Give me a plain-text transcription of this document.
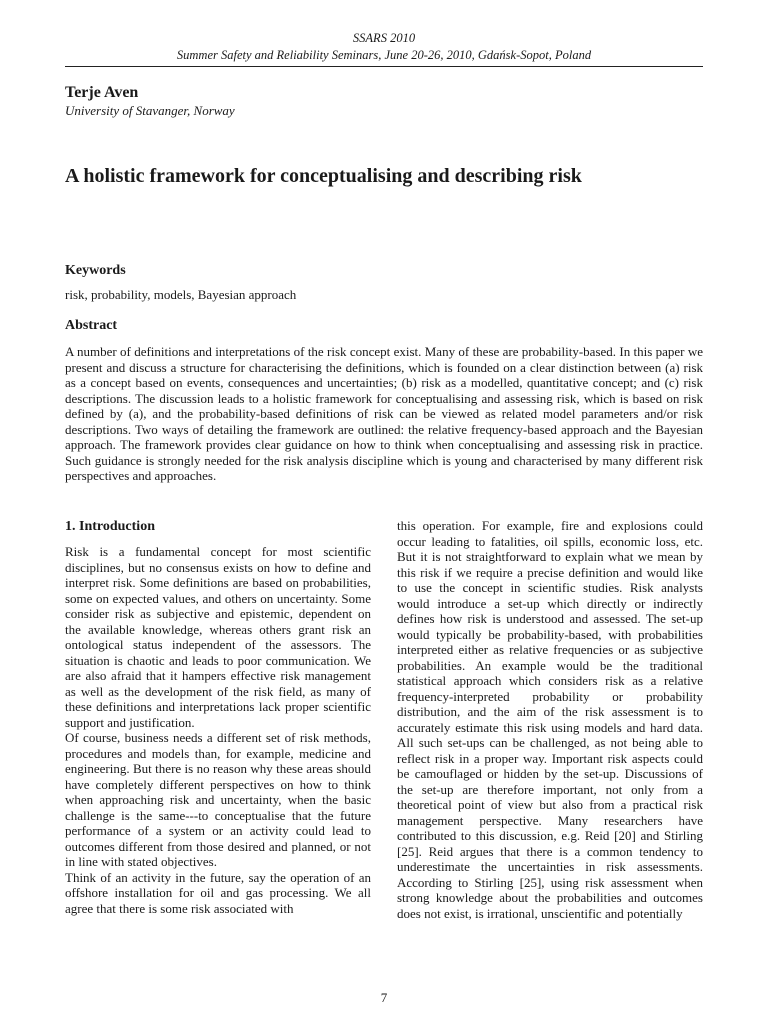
SSARS 2010
Summer Safety and Reliability Seminars, June 20-26, 2010, Gdańsk-Sopot, Poland
Terje Aven
University of Stavanger, Norway
A holistic framework for conceptualising and describing risk
Keywords
risk, probability, models, Bayesian approach
Abstract
A number of definitions and interpretations of the risk concept exist. Many of these are probability-based. In this paper we present and discuss a structure for characterising the definitions, which is founded on a clear distinction between (a) risk as a concept based on events, consequences and uncertainties; (b) risk as a modelled, quantitative concept; and (c) risk descriptions. The discussion leads to a holistic framework for conceptualising and assessing risk, which is based on risk defined by (a), and the probability-based definitions of risk can be viewed as related model parameters and/or risk descriptions. Two ways of detailing the framework are outlined: the relative frequency-based approach and the Bayesian approach. The framework provides clear guidance on how to think when conceptualising and assessing risk in practice. Such guidance is strongly needed for the risk analysis discipline which is young and characterised by many different risk perspectives and approaches.
1. Introduction

Risk is a fundamental concept for most scientific disciplines, but no consensus exists on how to define and interpret risk. Some definitions are based on probabilities, some on expected values, and others on uncertainty. Some consider risk as subjective and epistemic, dependent on the available knowledge, whereas others grant risk an ontological status independent of the assessors. The situation is chaotic and leads to poor communication. We are also afraid that it hampers effective risk management as well as the development of the risk field, as many of these definitions and interpretations lack proper scientific support and justification.

Of course, business needs a different set of risk methods, procedures and models than, for example, medicine and engineering. But there is no reason why these areas should have completely different perspectives on how to think when approaching risk and uncertainty, when the basic challenge is the same---to conceptualise that the future performance of a system or an activity could lead to outcomes different from those desired and planned, or not in line with stated objectives.

Think of an activity in the future, say the operation of an offshore installation for oil and gas processing. We all agree that there is some risk associated with

this operation. For example, fire and explosions could occur leading to fatalities, oil spills, economic loss, etc. But it is not straightforward to explain what we mean by this risk if we require a precise definition and would like to use the concept in scientific studies. Risk analysts would introduce a set-up which directly or indirectly defines how risk is understood and assessed. The set-up would typically be probability-based, with probabilities interpreted either as relative frequencies or as subjective probabilities. An example would be the traditional statistical approach which considers risk as a relative frequency-interpreted probability or probability distribution, and the aim of the risk assessment is to accurately estimate this risk using models and hard data. All such set-ups can be challenged, as not being able to reflect risk in a proper way. Important risk aspects could be camouflaged or hidden by the set-up. Discussions of the set-up are therefore important, not only from a theoretical point of view but also from a practical risk management perspective. Many researchers have contributed to this discussion, e.g. Reid [20] and Stirling [25]. Reid argues that there is a common tendency to underestimate the uncertainties in risk assessments. According to Stirling [25], using risk assessment when strong knowledge about the probabilities and outcomes does not exist, is irrational, unscientific and potentially

7
